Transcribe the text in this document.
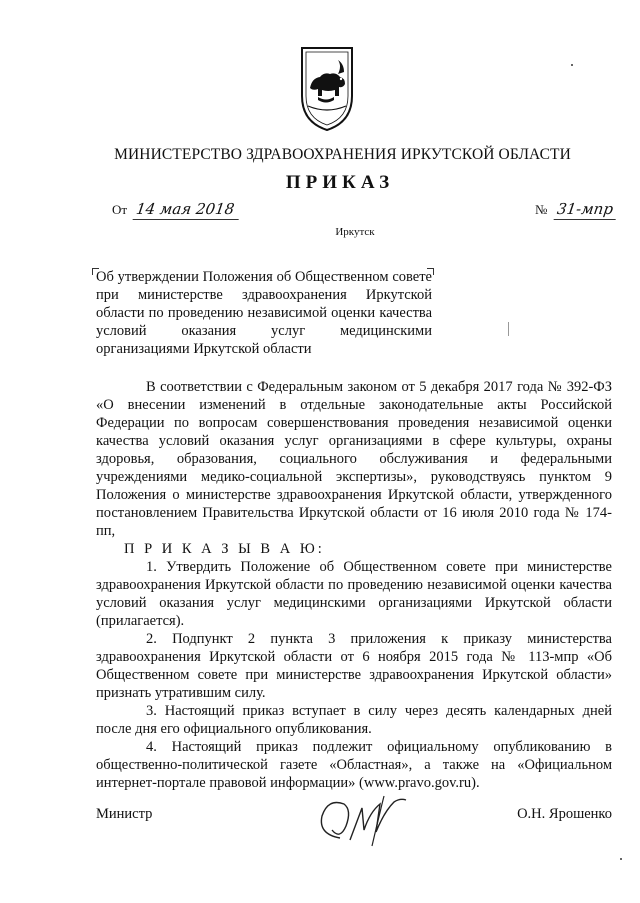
МИНИСТЕРСТВО ЗДРАВООХРАНЕНИЯ ИРКУТСКОЙ ОБЛАСТИ
ПРИКАЗ
От 14 мая 2018	№ 31-мпр
Иркутск
Об утверждении Положения об Общественном совете при министерстве здравоохранения Иркутской области по проведению независимой оценки качества условий оказания услуг медицинскими организациями Иркутской области

В соответствии с Федеральным законом от 5 декабря 2017 года № 392-ФЗ «О внесении изменений в отдельные законодательные акты Российской Федерации по вопросам совершенствования проведения независимой оценки качества условий оказания услуг организациями в сфере культуры, охраны здоровья, образования, социального обслуживания и федеральными учреждениями медико-социальной экспертизы», руководствуясь пунктом 9 Положения о министерстве здравоохранения Иркутской области, утвержденного постановлением Правительства Иркутской области от 16 июля 2010 года № 174-пп,

П Р И К А З Ы В А Ю:

1. Утвердить Положение об Общественном совете при министерстве здравоохранения Иркутской области по проведению независимой оценки качества условий оказания услуг медицинскими организациями Иркутской области (прилагается).

2. Подпункт 2 пункта 3 приложения к приказу министерства здравоохранения Иркутской области от 6 ноября 2015 года № 113-мпр «Об Общественном совете при министерстве здравоохранения Иркутской области» признать утратившим силу.

3. Настоящий приказ вступает в силу через десять календарных дней после дня его официального опубликования.

4. Настоящий приказ подлежит официальному опубликованию в общественно-политической газете «Областная», а также на «Официальном интернет-портале правовой информации» (www.pravo.gov.ru).

Министр	О.Н. Ярошенко
